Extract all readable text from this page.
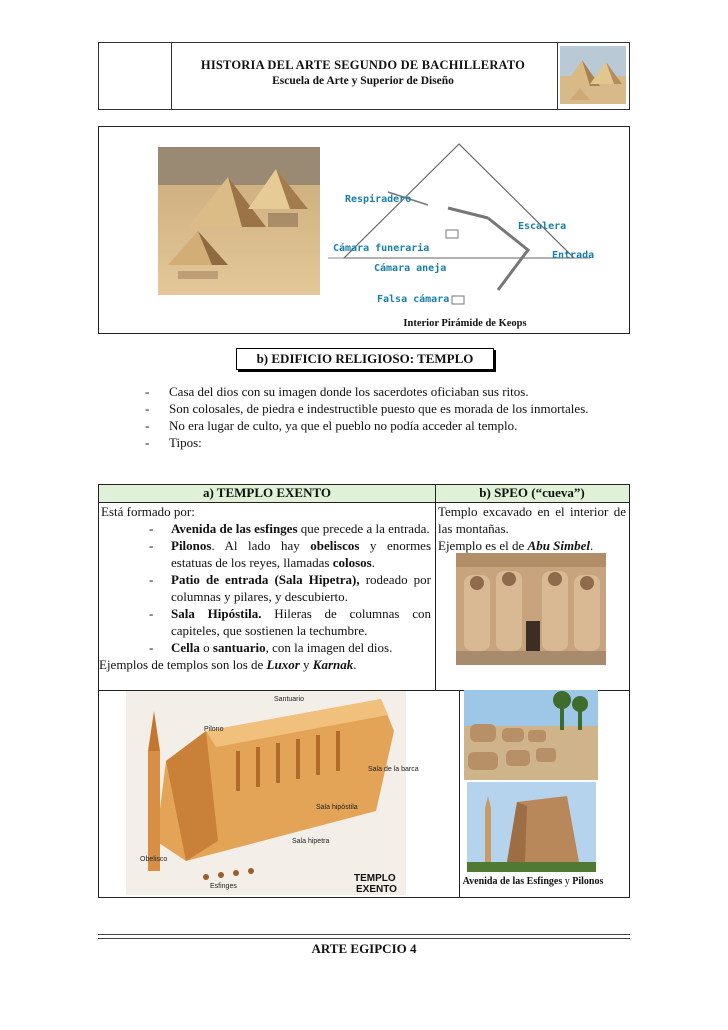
HISTORIA DEL ARTE SEGUNDO DE BACHILLERATO
Escuela de Arte y Superior de Diseño
Respiradero
Escalera
Cámara funeraria
Entrada
Cámara aneja
Falsa cámara
Interior Pirámide de Keops
b) EDIFICIO RELIGIOSO: TEMPLO
-	Casa del dios con su imagen donde los sacerdotes oficiaban sus ritos.
-	Son colosales, de piedra e indestructible puesto que es morada de los inmortales.
-	No era lugar de culto, ya que el pueblo no podía acceder al templo.
-	Tipos:
a) TEMPLO EXENTO	b) SPEO (“cueva”)
Está formado por:
-	Avenida de las esfinges que precede a la entrada.
-	Pilonos. Al lado hay obeliscos y enormes estatuas de los reyes, llamadas colosos.
-	Patio de entrada (Sala Hipetra), rodeado por columnas y pilares, y descubierto.
-	Sala Hipóstila. Hileras de columnas con capiteles, que sostienen la techumbre.
-	Cella o santuario, con la imagen del dios.
Ejemplos de templos son los de Luxor y Karnak.
Templo excavado en el interior de las montañas.
Ejemplo es el de Abu Simbel.
Santuario
Pilono
Sala de la barca
Sala hipóstila
Sala hipetra
Obelisco
Esfinges
TEMPLO
EXENTO
Avenida de las Esfinges y Pilonos
ARTE EGIPCIO 4
